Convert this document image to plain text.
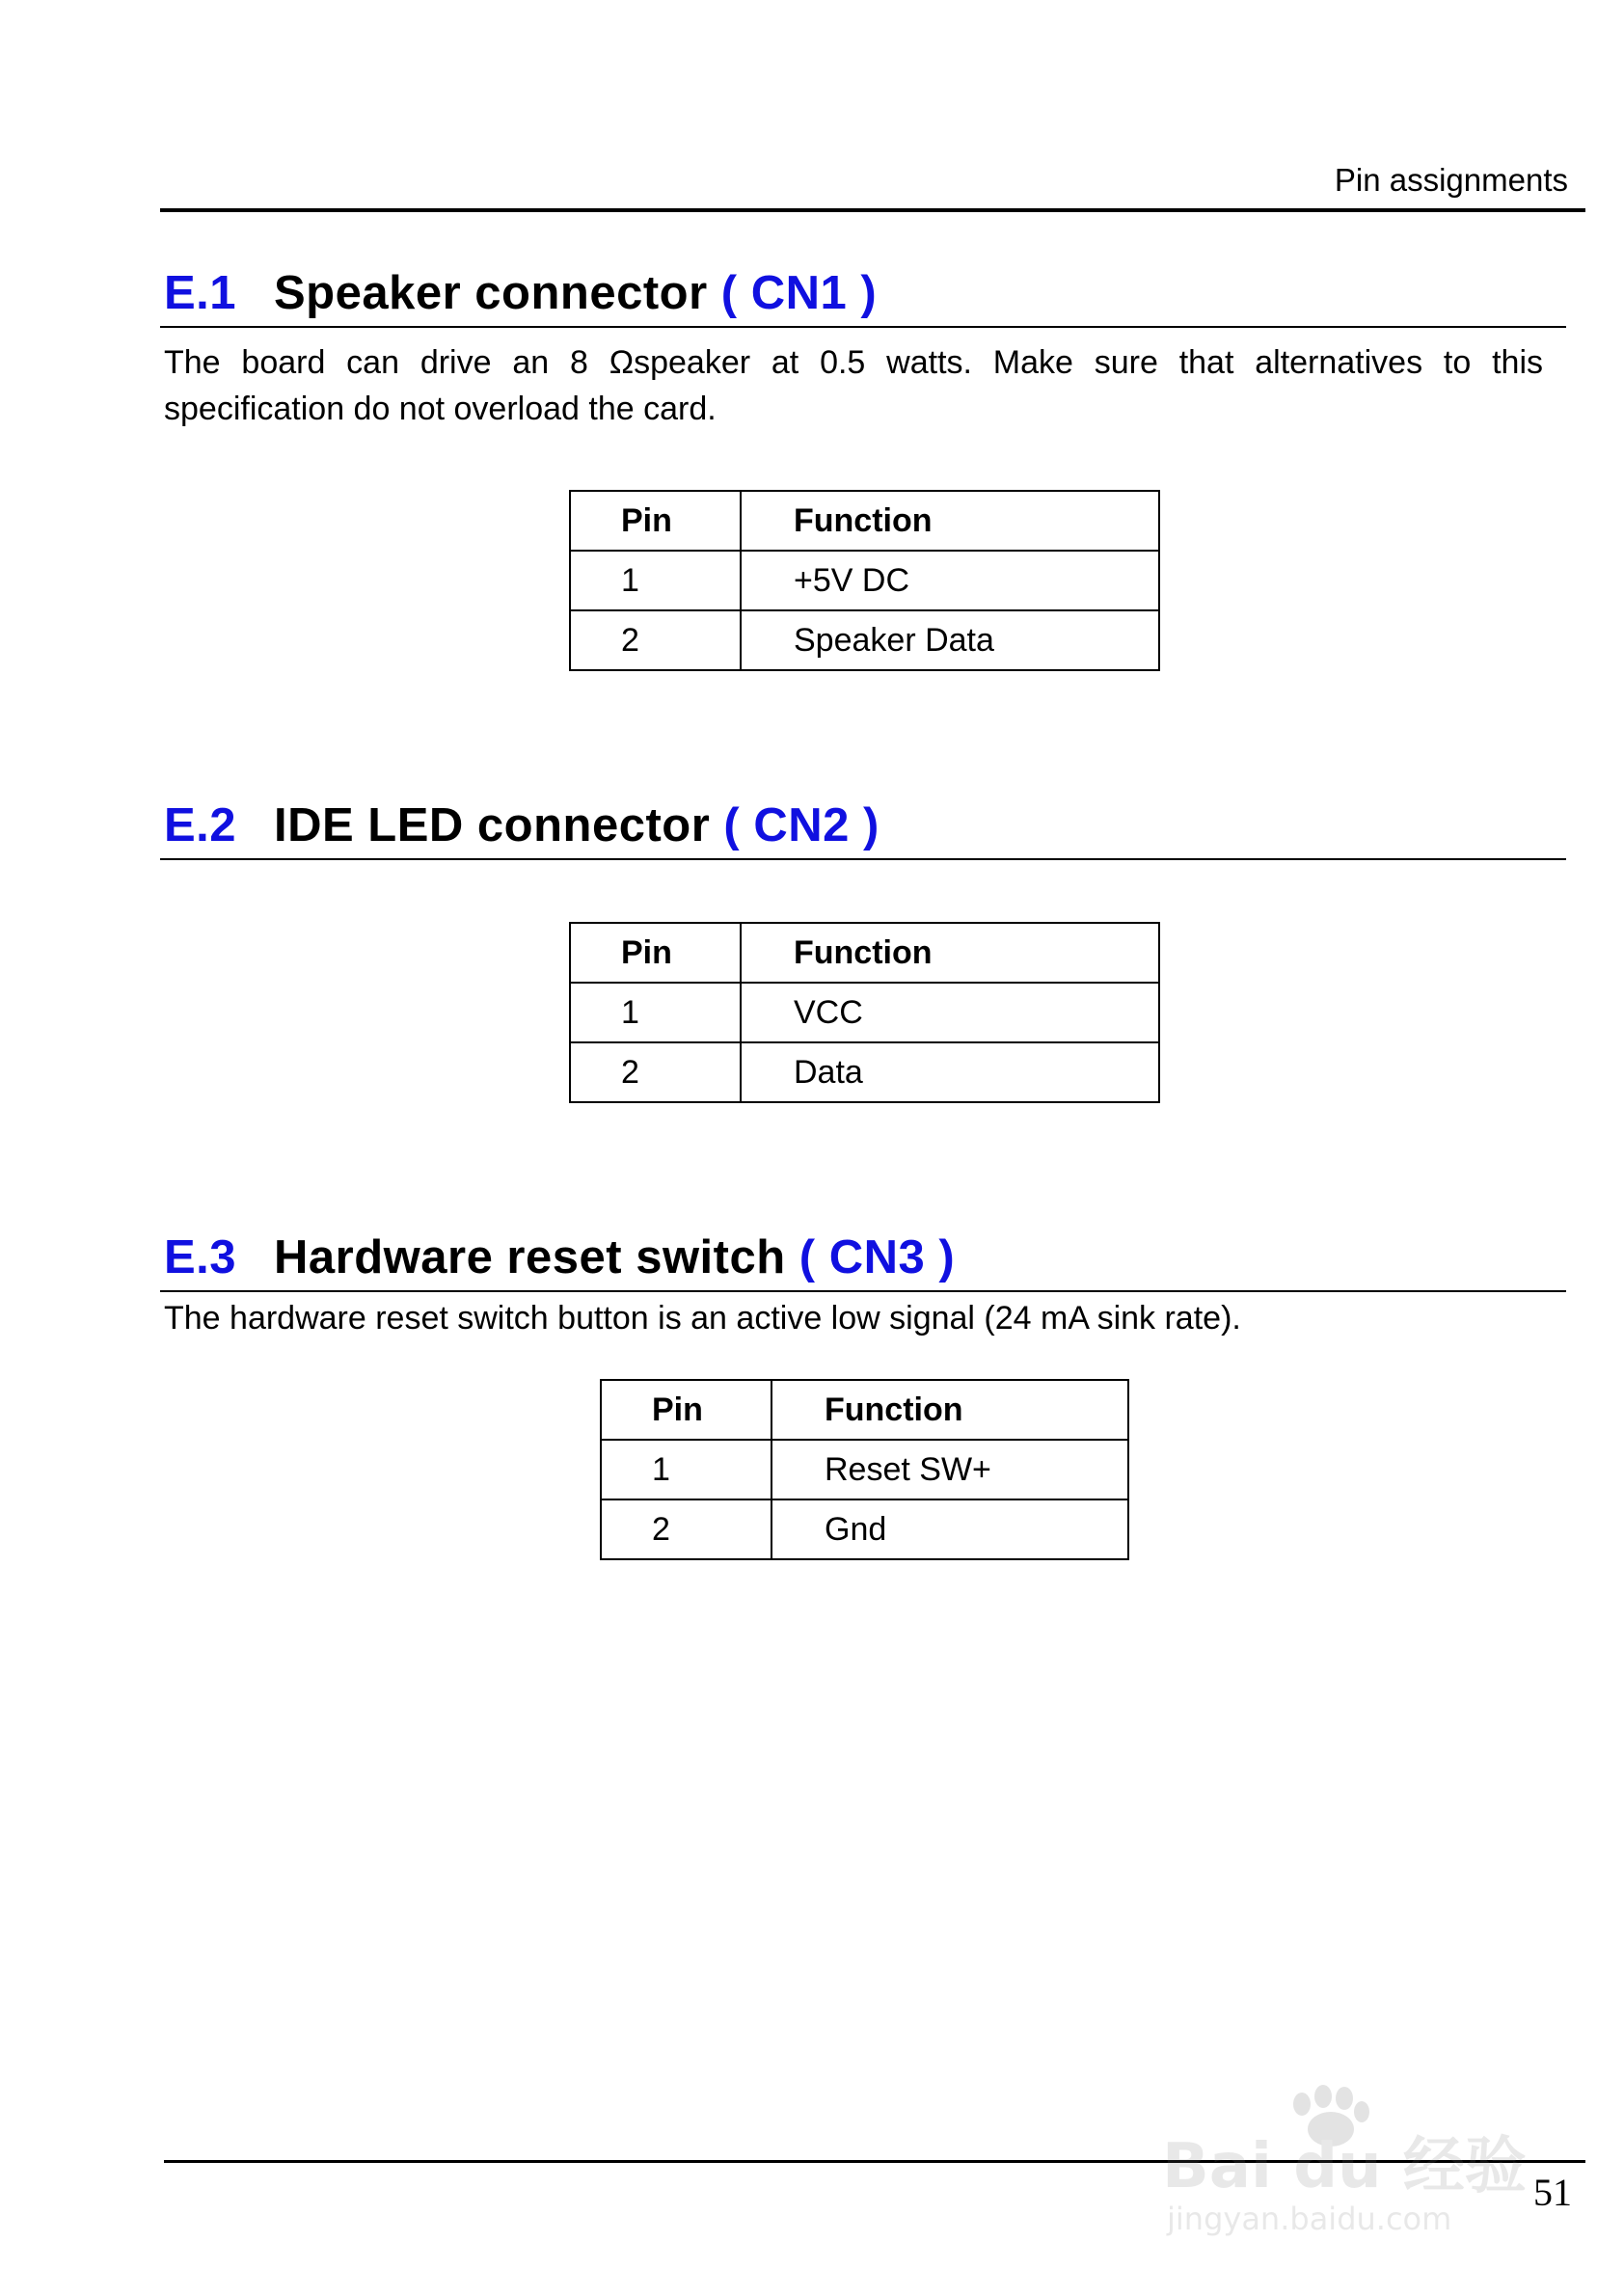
Pin assignments
E.1 Speaker connector ( CN1 )
The board can drive an 8 Ωspeaker at 0.5 watts. Make sure that alternatives to this specification do not overload the card.
Pin	Function
1	+5V DC
2	Speaker Data
E.2 IDE LED connector ( CN2 )
Pin	Function
1	VCC
2	Data
E.3 Hardware reset switch ( CN3 )
The hardware reset switch button is an active low signal (24 mA sink rate).
Pin	Function
1	Reset SW+
2	Gnd
51
Bai du 经验
jingyan.baidu.com
